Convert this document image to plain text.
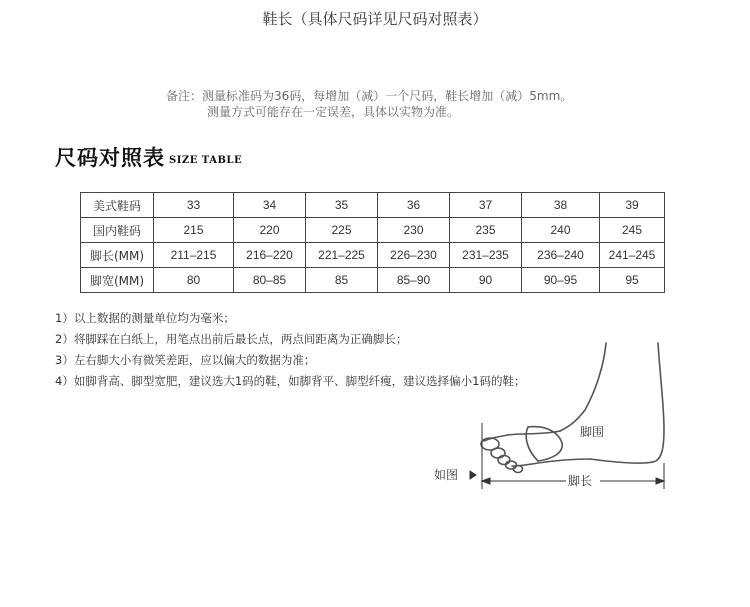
鞋长（具体尺码详见尺码对照表）
备注：测量标准码为36码，每增加（减）一个尺码，鞋长增加（减）5mm。
测量方式可能存在一定误差，具体以实物为准。
尺码对照表 SIZE TABLE
美式鞋码	33	34	35	36	37	38	39
国内鞋码	215	220	225	230	235	240	245
脚长(MM)	211–215	216–220	221–225	226–230	231–235	236–240	241–245
脚宽(MM)	80	80–85	85	85–90	90	90–95	95
1）以上数据的测量单位均为毫米；
2）将脚踩在白纸上，用笔点出前后最长点，两点间距离为正确脚长；
3）左右脚大小有微笑差距，应以偏大的数据为准；
4）如脚背高、脚型宽肥，建议选大1码的鞋，如脚背平、脚型纤瘦，建议选择偏小1码的鞋；
脚围
脚长
如图
